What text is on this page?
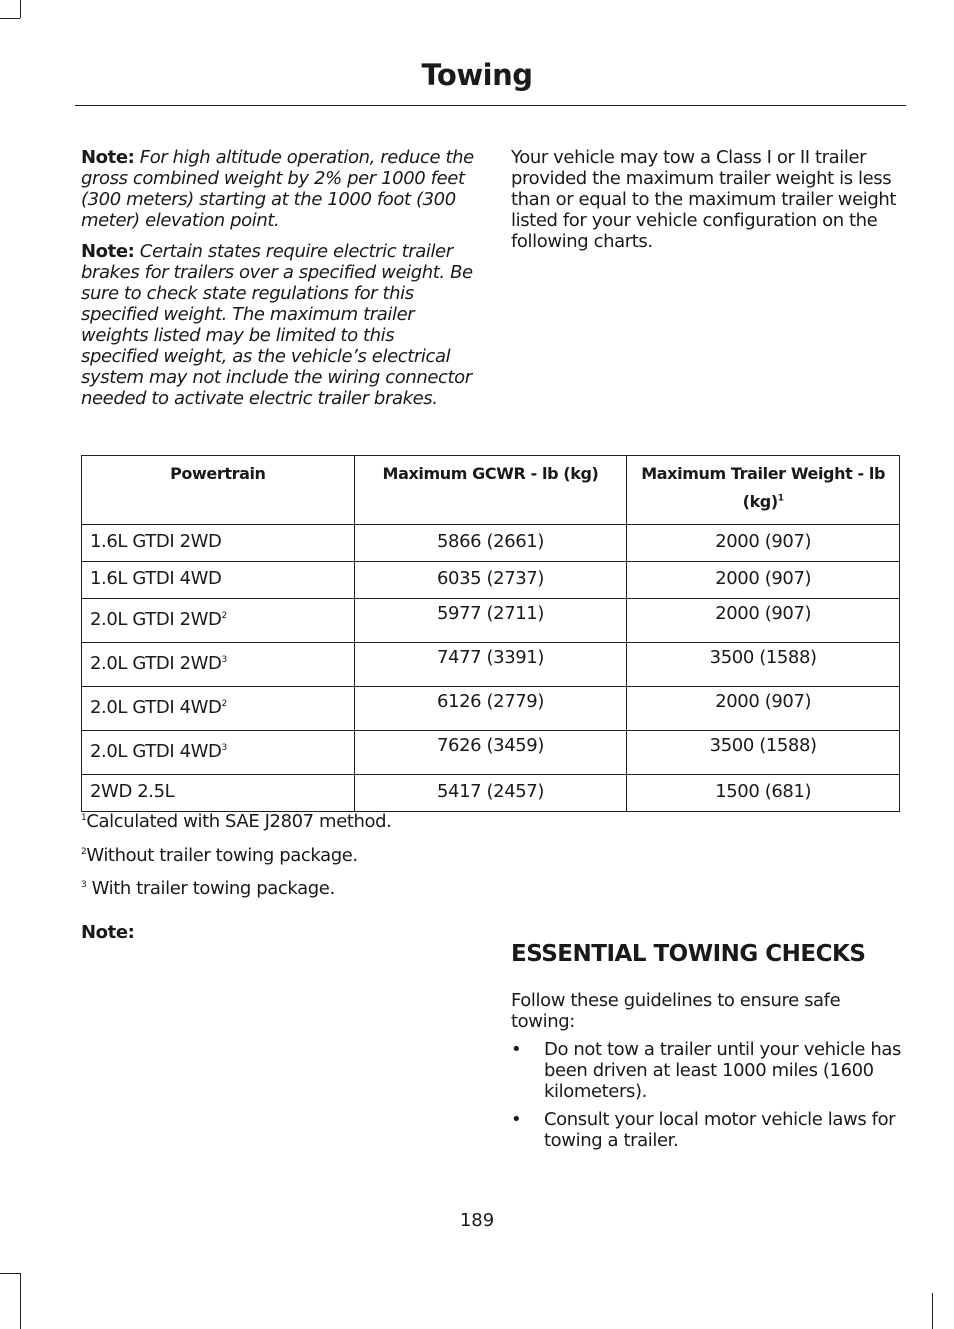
Towing

Note: For high altitude operation, reduce the gross combined weight by 2% per 1000 feet (300 meters) starting at the 1000 foot (300 meter) elevation point.

Note: Certain states require electric trailer brakes for trailers over a specified weight. Be sure to check state regulations for this specified weight. The maximum trailer weights listed may be limited to this specified weight, as the vehicle’s electrical system may not include the wiring connector needed to activate electric trailer brakes.

Your vehicle may tow a Class I or II trailer provided the maximum trailer weight is less than or equal to the maximum trailer weight listed for your vehicle configuration on the following charts.

Powertrain	Maximum GCWR - lb (kg)	Maximum Trailer Weight - lb (kg)$^1$
1.6L GTDI 2WD	5866 (2661)	2000 (907)
1.6L GTDI 4WD	6035 (2737)	2000 (907)
2.0L GTDI $2WD^2$	5977 (2711)	2000 (907)
2.0L GTDI $2WD^3$	7477 (3391)	3500 (1588)
2.0L GTDI $4WD^2$	6126 (2779)	2000 (907)
2.0L GTDI $4WD^3$	7626 (3459)	3500 (1588)
2WD 2.5L	5417 (2457)	1500 (681)
$^1$Calculated with SAE J2807 method.
$^2$Without trailer towing package.
$^3$ With trailer towing package.
Note:
ESSENTIAL TOWING CHECKS
Follow these guidelines to ensure safe towing:
• Do not tow a trailer until your vehicle has been driven at least 1000 miles (1600 kilometers).
• Consult your local motor vehicle laws for towing a trailer.
189
